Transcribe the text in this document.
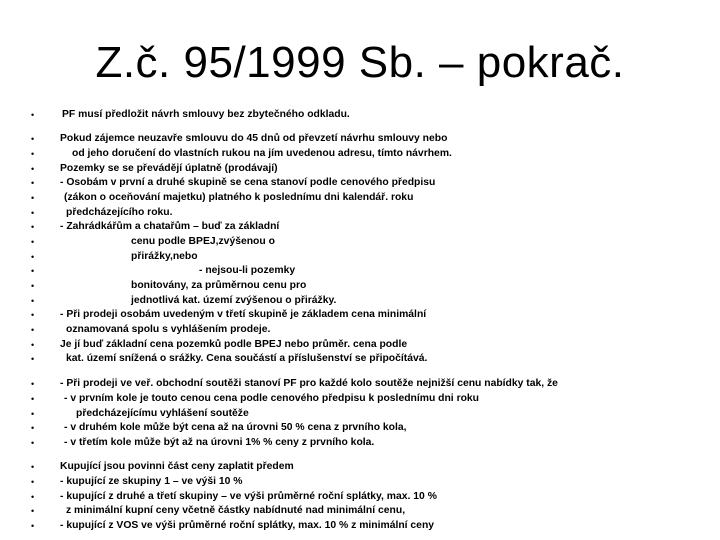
Z.č. 95/1999 Sb. – pokrač.
•	PF musí předložit návrh smlouvy bez zbytečného odkladu.
• Pokud zájemce neuzavře smlouvu do 45 dnů od převzetí návrhu smlouvy nebo
•	od jeho doručení do vlastních rukou na jím uvedenou adresu, tímto návrhem.
• Pozemky se se převádějí úplatně (prodávají)
• - Osobám v první a druhé skupině se cena stanoví podle cenového předpisu
•	(zákon o oceňování majetku) platného k poslednímu dni kalendář. roku
•	předcházejícího roku.
• - Zahrádkářům a chatařům – buď za základní
•	cenu podle BPEJ,zvýšenou o
•	přirážky,nebo
•	- nejsou-li pozemky
•	bonitovány, za průměrnou cenu pro
•	jednotlivá kat. území zvýšenou o přirážky.
• - Při prodeji osobám uvedeným v třetí skupině je základem cena minimální
•	oznamovaná spolu s vyhlášením prodeje.
• Je jí buď základní cena pozemků podle BPEJ nebo průměr. cena podle
•	kat. území snížená o srážky. Cena součástí a příslušenství se připočítává.
• - Při prodeji ve veř. obchodní soutěži stanoví PF pro každé kolo soutěže nejnižší cenu nabídky tak, že
•	- v prvním kole je touto cenou cena podle cenového předpisu k poslednímu dni roku
•	předcházejícímu vyhlášení soutěže
•	- v druhém kole může být cena až na úrovni 50 % cena z prvního kola,
•	- v třetím kole může být až na úrovni 1% % ceny z prvního kola.
• Kupující jsou povinni část ceny zaplatit předem
• - kupující ze skupiny 1 – ve výši 10 %
• - kupující z druhé a třetí skupiny – ve výši průměrné roční splátky, max. 10 %
•	z minimální kupní ceny včetně částky nabídnuté nad minimální cenu,
• - kupující z VOS ve výši průměrné roční splátky, max. 10 % z minimální ceny
